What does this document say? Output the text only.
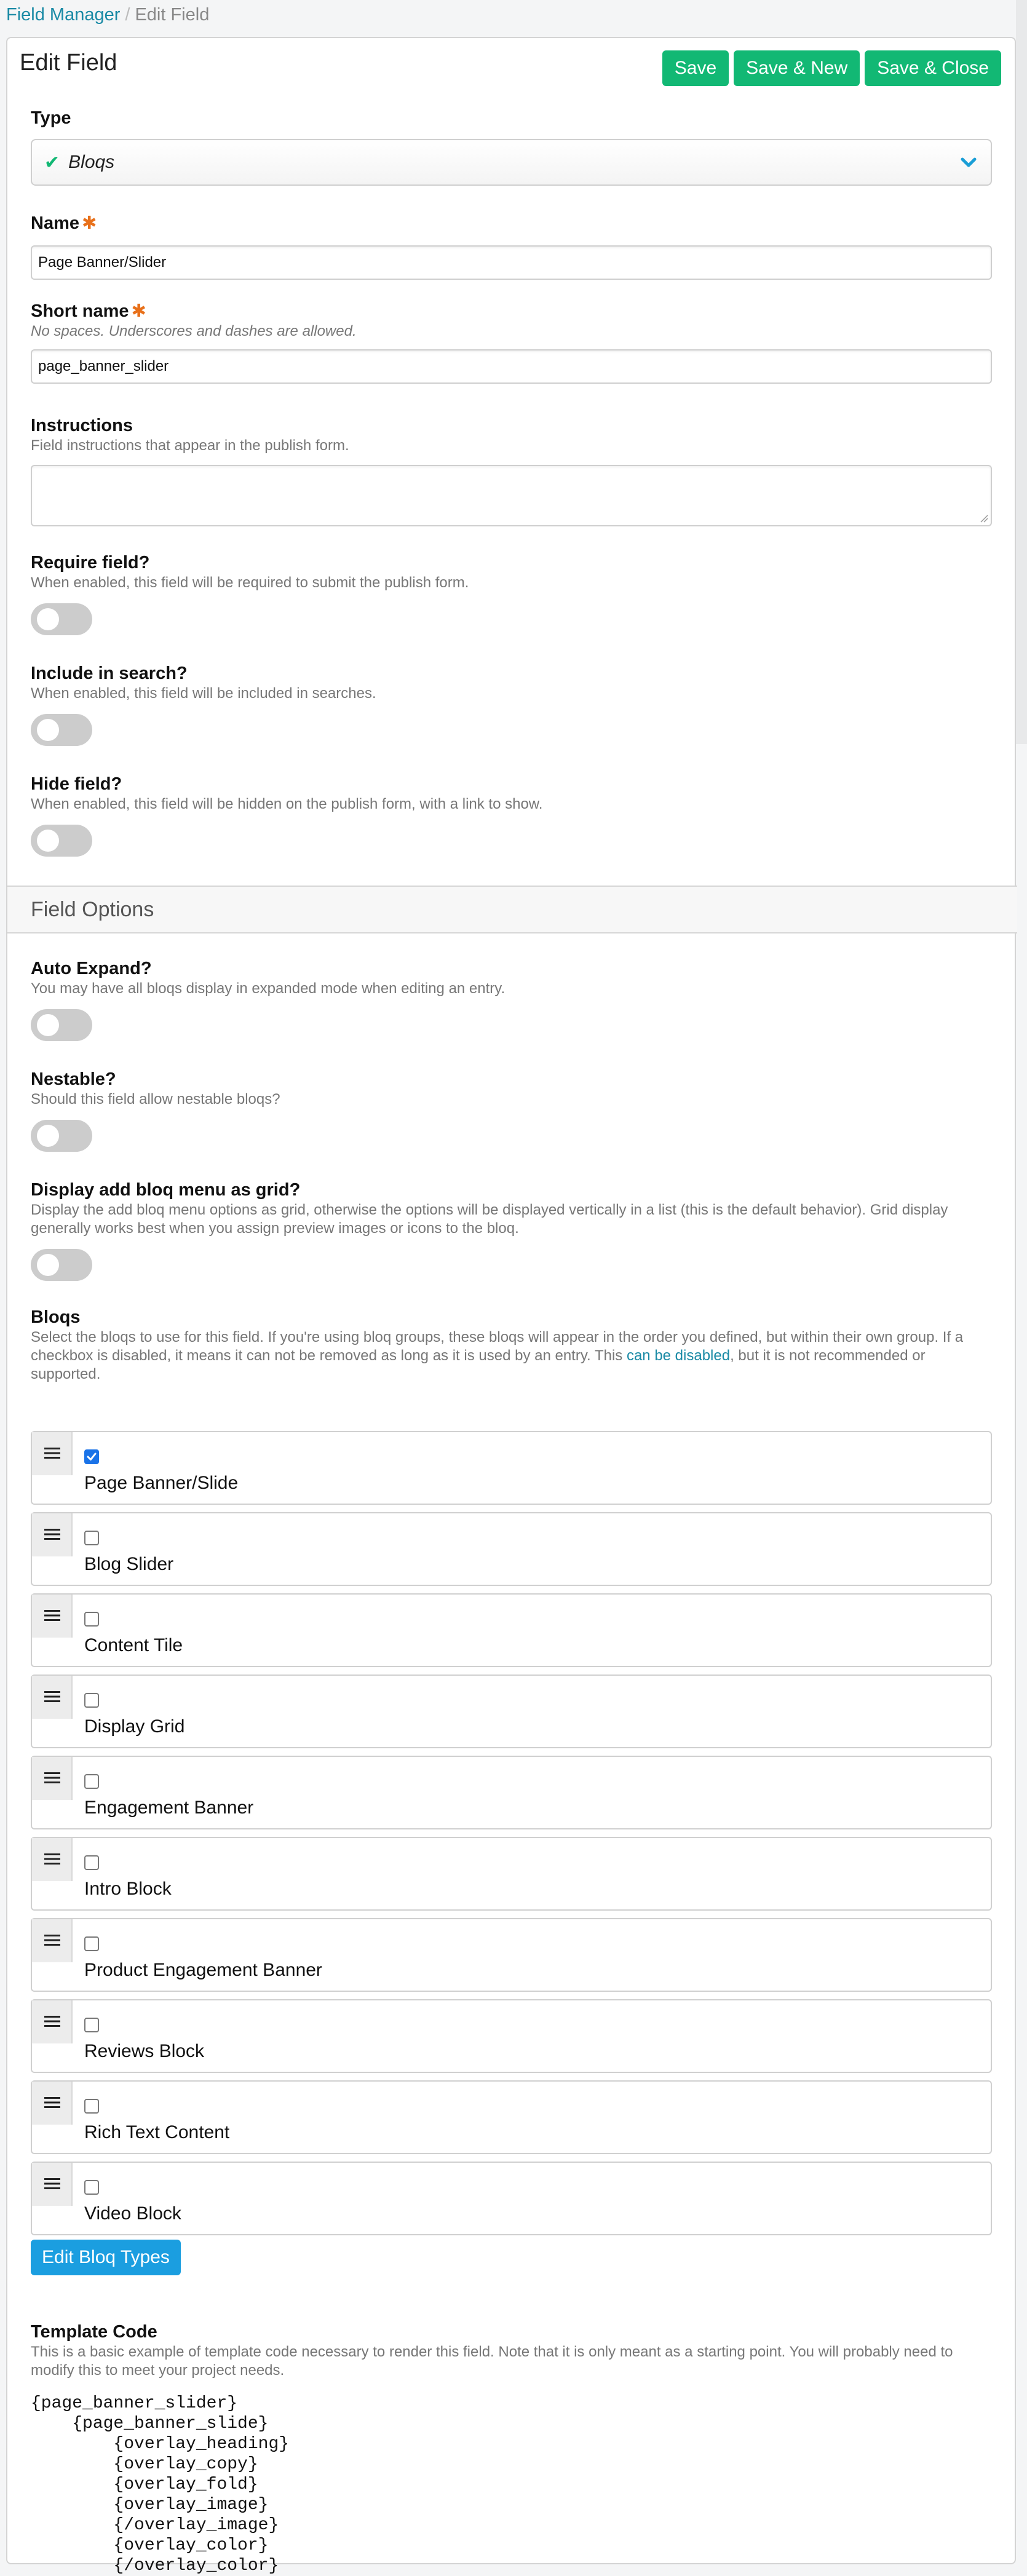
Field Manager / Edit Field
Edit Field	Save	Save & New	Save & Close
Type
✔ Bloqs
Name ✱
Page Banner/Slider
Short name ✱
No spaces. Underscores and dashes are allowed.
page_banner_slider
Instructions
Field instructions that appear in the publish form.
Require field?
When enabled, this field will be required to submit the publish form.
Include in search?
When enabled, this field will be included in searches.
Hide field?
When enabled, this field will be hidden on the publish form, with a link to show.
Field Options
Auto Expand?
You may have all bloqs display in expanded mode when editing an entry.
Nestable?
Should this field allow nestable bloqs?
Display add bloq menu as grid?
Display the add bloq menu options as grid, otherwise the options will be displayed vertically in a list (this is the default behavior). Grid display generally works best when you assign preview images or icons to the bloq.
Bloqs
Select the bloqs to use for this field. If you're using bloq groups, these bloqs will appear in the order you defined, but within their own group. If a checkbox is disabled, it means it can not be removed as long as it is used by an entry. This can be disabled, but it is not recommended or supported.
Page Banner/Slide
Blog Slider
Content Tile
Display Grid
Engagement Banner
Intro Block
Product Engagement Banner
Reviews Block
Rich Text Content
Video Block
Edit Bloq Types
Template Code
This is a basic example of template code necessary to render this field. Note that it is only meant as a starting point. You will probably need to modify this to meet your project needs.
{page_banner_slider}
{page_banner_slide}
{overlay_heading}
{overlay_copy}
{overlay_fold}
{overlay_image}
{/overlay_image}
{overlay_color}
{/overlay_color}
